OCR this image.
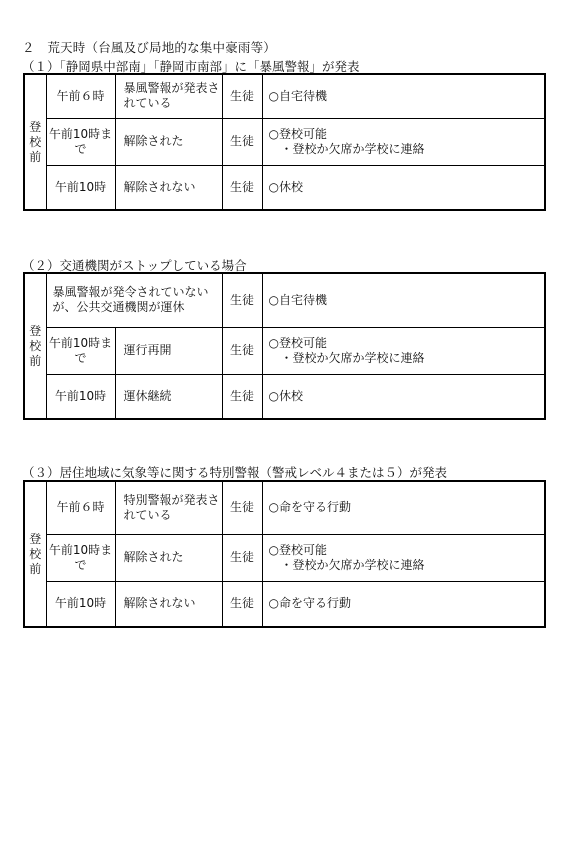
２　荒天時（台風及び局地的な集中豪雨等）
（１）「静岡県中部南」「静岡市南部」に「暴風警報」が発表
登
校
前	午前６時	暴風警報が発表されている	生徒	○自宅待機
	午前10時まで	解除された	生徒	○登校可能
・登校か欠席か学校に連絡

	午前10時	解除されない	生徒	○休校
（２）交通機関がストップしている場合
登
校
前	暴風警報が発令されていないが、公共交通機関が運休		生徒	○自宅待機
	午前10時まで	運行再開	生徒	○登校可能
・登校か欠席か学校に連絡

	午前10時	運休継続	生徒	○休校
（３）居住地域に気象等に関する特別警報（警戒レベル４または５）が発表
登
校
前	午前６時	特別警報が発表されている	生徒	○命を守る行動
	午前10時まで	解除された	生徒	○登校可能
・登校か欠席か学校に連絡

	午前10時	解除されない	生徒	○命を守る行動
